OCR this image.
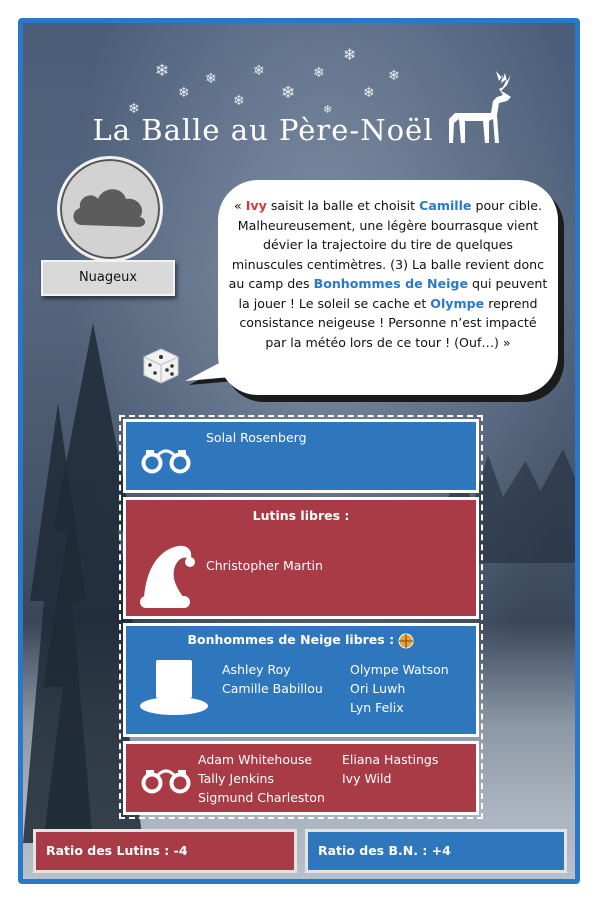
❄
❄
❄
❄
❄
❄
❄
❄
❄
❄
❄
❄
La Balle au Père-Noël
Nuageux
« Ivy saisit la balle et choisit Camille pour cible. Malheureusement, une légère bourrasque vient dévier la trajectoire du tire de quelques minuscules centimètres. (3) La balle revient donc au camp des Bonhommes de Neige qui peuvent la jouer ! Le soleil se cache et Olympe reprend consistance neigeuse ! Personne n’est impacté par la météo lors de ce tour ! (Ouf…) »
Solal Rosenberg
Lutins libres :
Christopher Martin
Bonhommes de Neige libres :
Ashley Roy
Camille Babillou
Olympe Watson
Ori Luwh
Lyn Felix
Adam Whitehouse
Tally Jenkins
Sigmund Charleston
Eliana Hastings
Ivy Wild
Ratio des Lutins : -4	Ratio des B.N. : +4
